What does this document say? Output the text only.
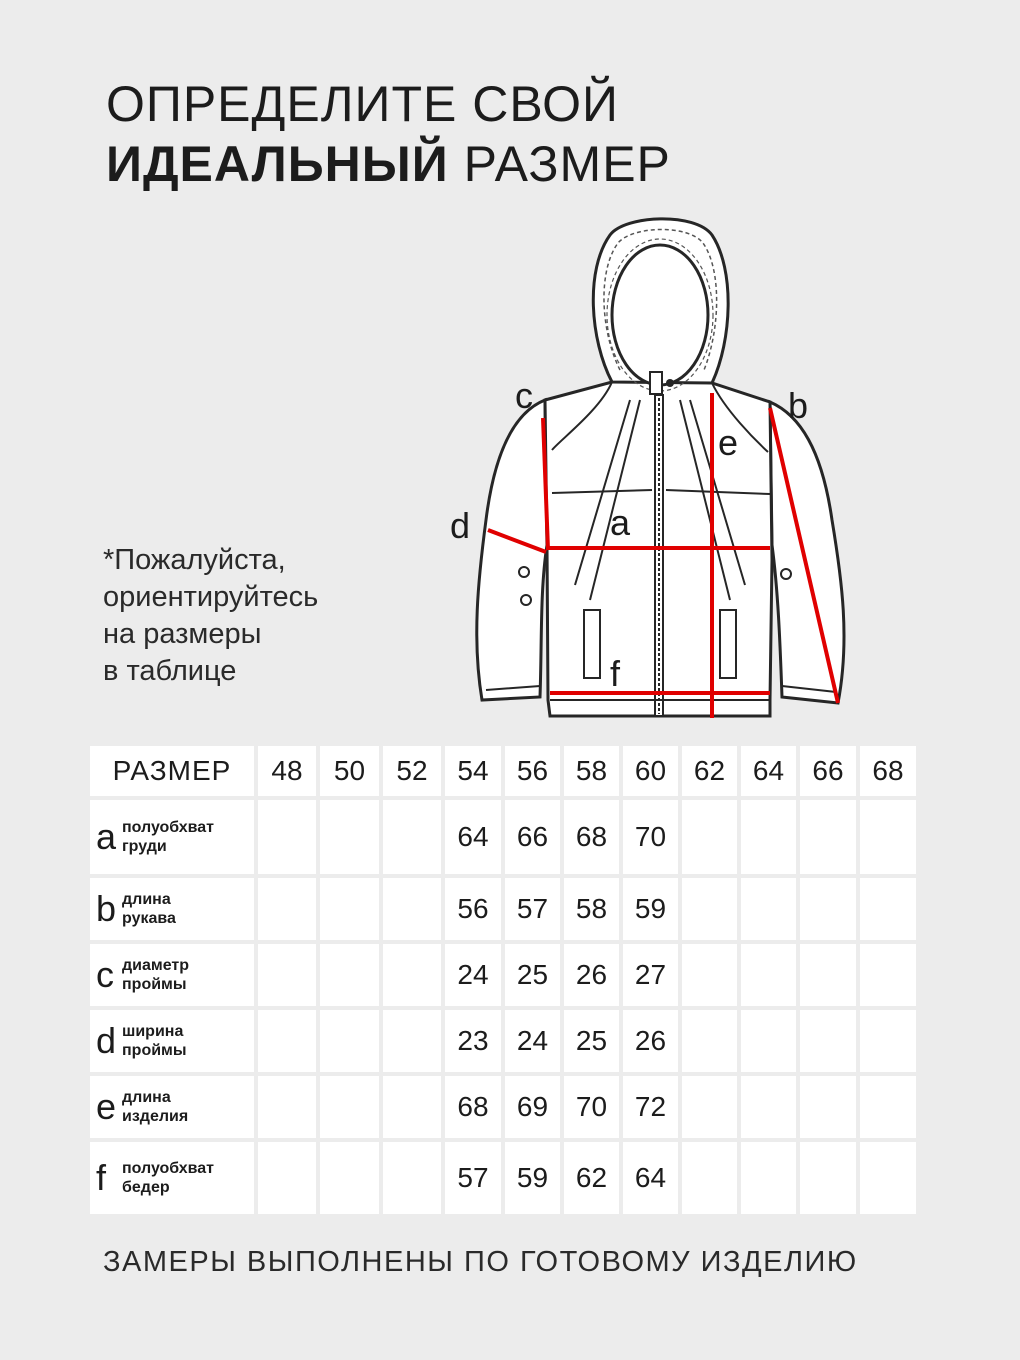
ОПРЕДЕЛИТЕ СВОЙ
ИДЕАЛЬНЫЙ РАЗМЕР
*Пожалуйста,
ориентируйтесь
на размеры
в таблице
a
b
c
d
e
f
РАЗМЕР	48	50	52	54	56	58	60	62	64	66	68

a полуобхват
груди				64	66	68	70				

b длина
рукава				56	57	58	59				

c диаметр
проймы				24	25	26	27				

d ширина
проймы				23	24	25	26				

e длина
изделия				68	69	70	72				

f полуобхват
бедер				57	59	62	64				
ЗАМЕРЫ ВЫПОЛНЕНЫ ПО ГОТОВОМУ ИЗДЕЛИЮ
